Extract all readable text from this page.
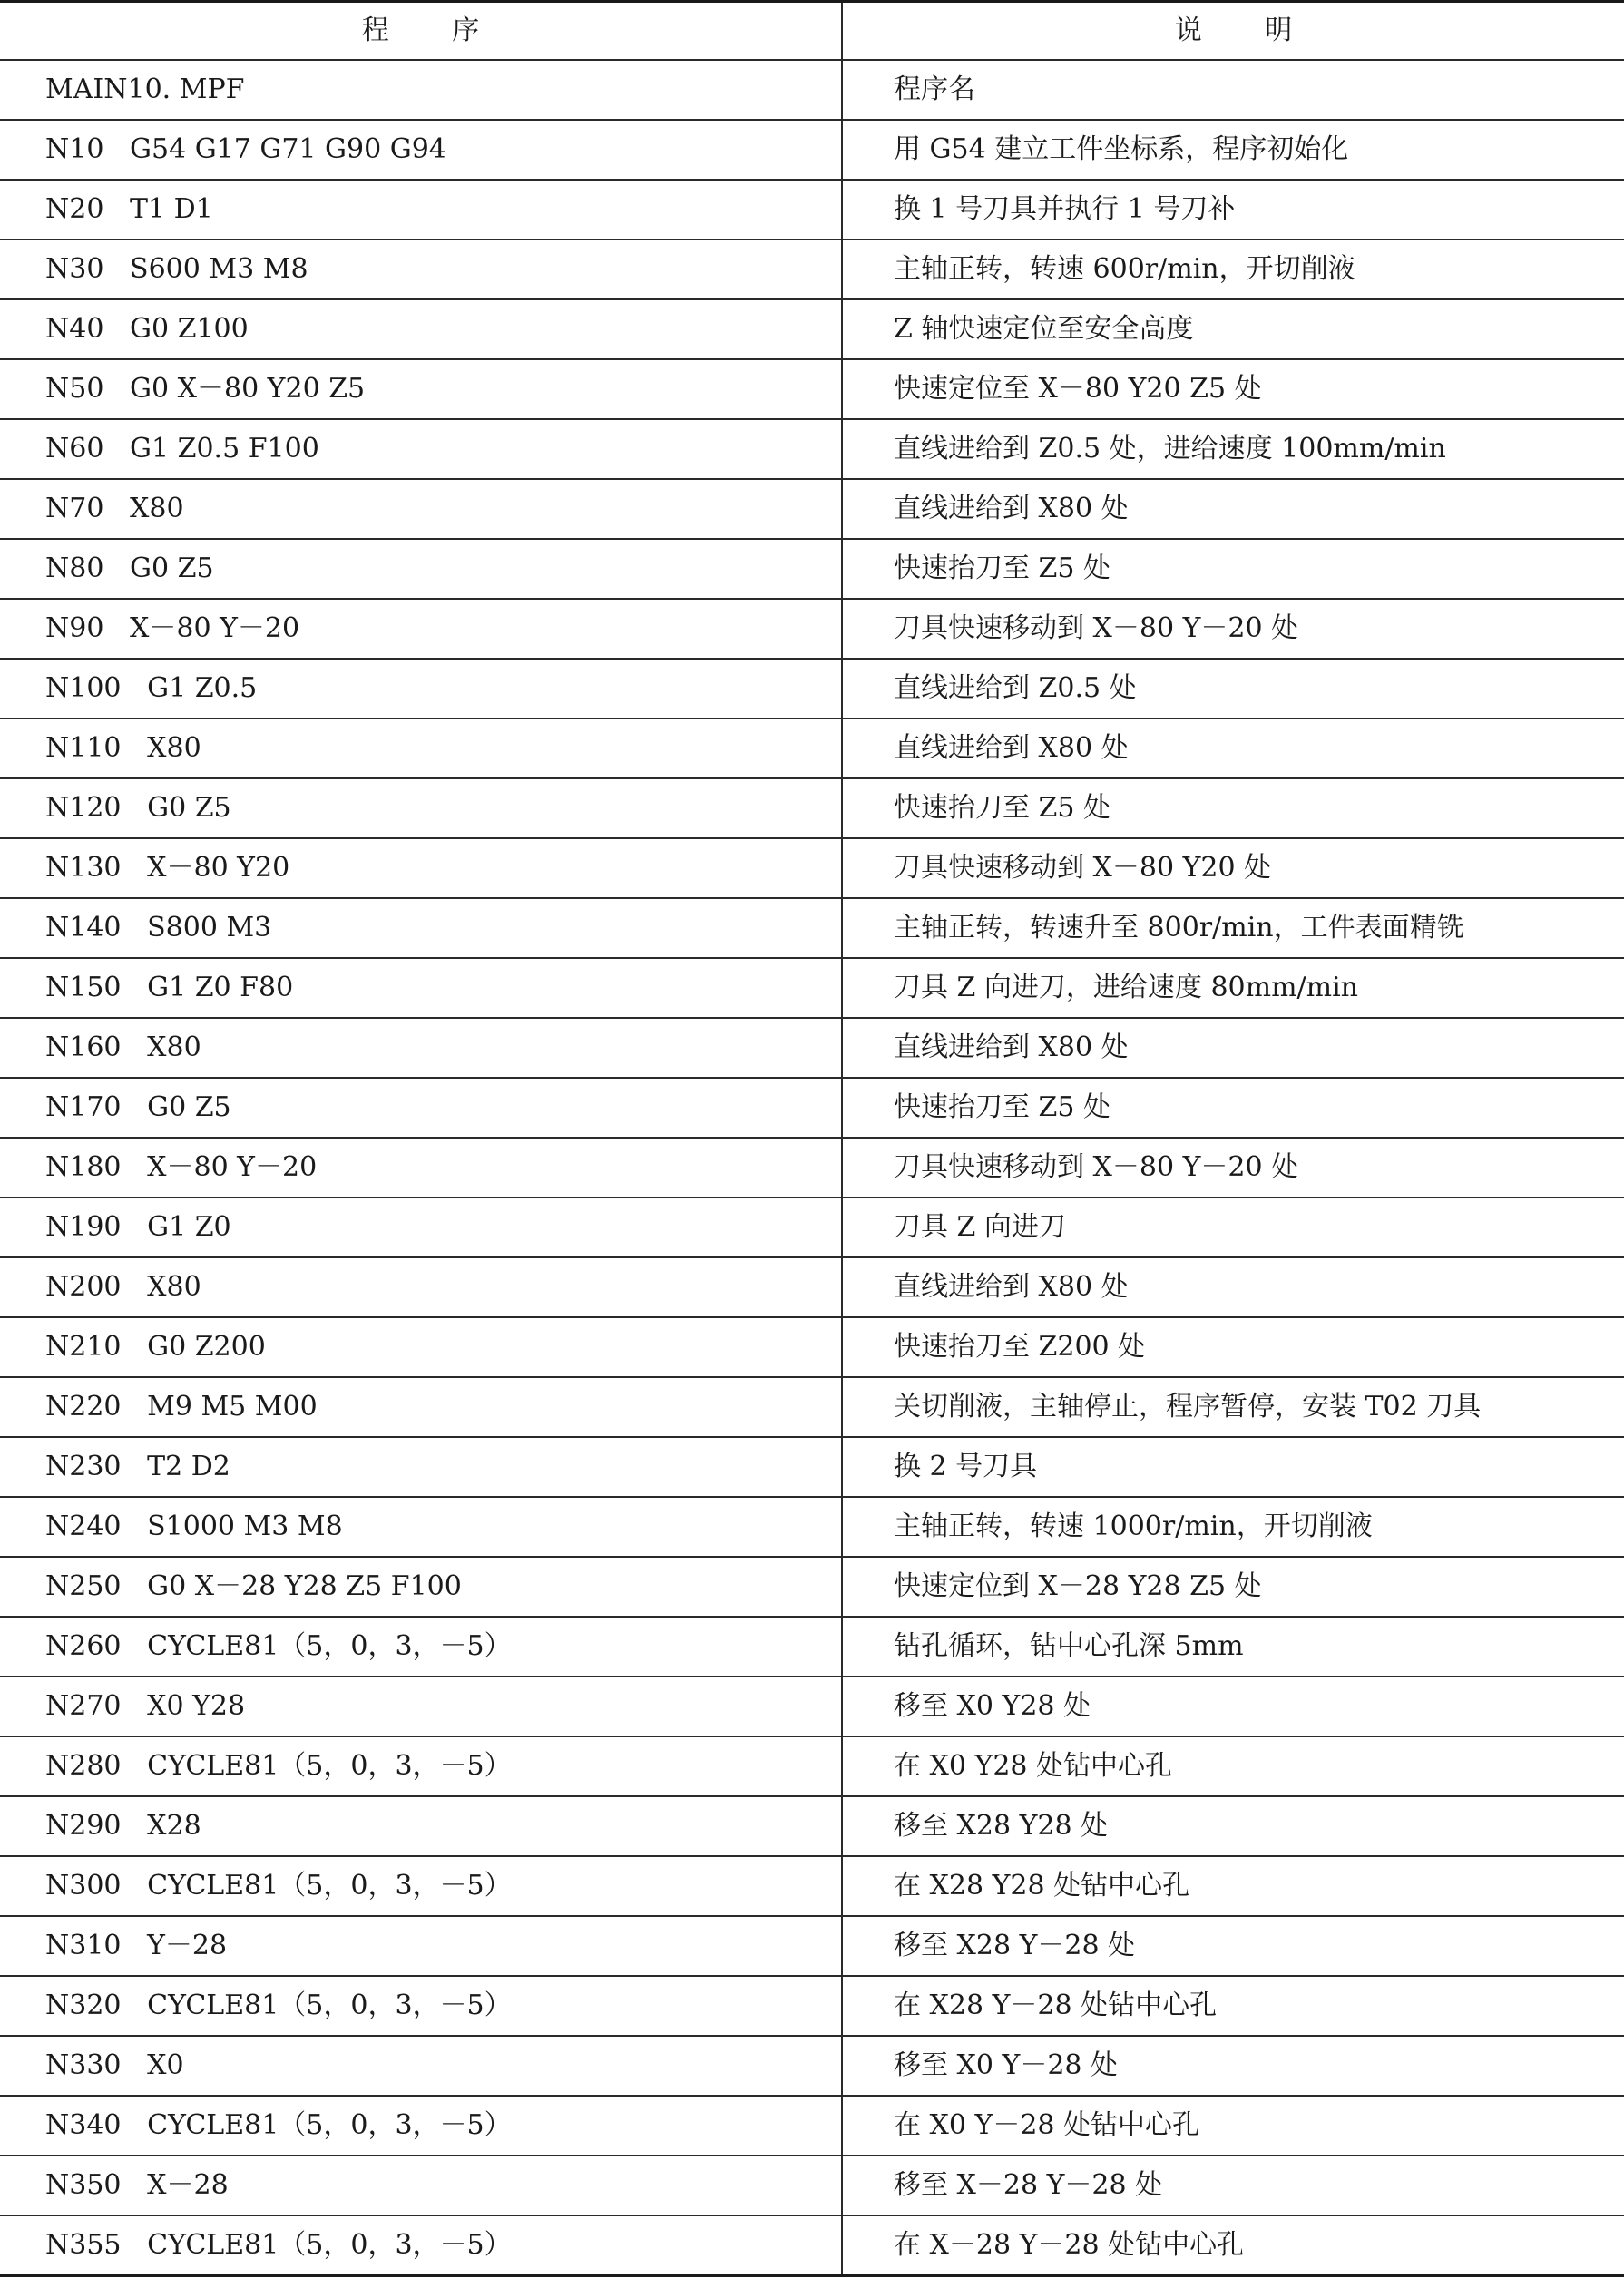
程 序	说 明
MAIN10. MPF	程序名
N10   G54 G17 G71 G90 G94	用 G54 建立工件坐标系，程序初始化
N20   T1 D1	换 1 号刀具并执行 1 号刀补
N30   S600 M3 M8	主轴正转，转速 600r/min，开切削液
N40   G0 Z100	Z 轴快速定位至安全高度
N50   G0 X－80 Y20 Z5	快速定位至 X－80 Y20 Z5 处
N60   G1 Z0.5 F100	直线进给到 Z0.5 处，进给速度 100mm/min
N70   X80	直线进给到 X80 处
N80   G0 Z5	快速抬刀至 Z5 处
N90   X－80 Y－20	刀具快速移动到 X－80 Y－20 处
N100   G1 Z0.5	直线进给到 Z0.5 处
N110   X80	直线进给到 X80 处
N120   G0 Z5	快速抬刀至 Z5 处
N130   X－80 Y20	刀具快速移动到 X－80 Y20 处
N140   S800 M3	主轴正转，转速升至 800r/min，工件表面精铣
N150   G1 Z0 F80	刀具 Z 向进刀，进给速度 80mm/min
N160   X80	直线进给到 X80 处
N170   G0 Z5	快速抬刀至 Z5 处
N180   X－80 Y－20	刀具快速移动到 X－80 Y－20 处
N190   G1 Z0	刀具 Z 向进刀
N200   X80	直线进给到 X80 处
N210   G0 Z200	快速抬刀至 Z200 处
N220   M9 M5 M00	关切削液，主轴停止，程序暂停，安装 T02 刀具
N230   T2 D2	换 2 号刀具
N240   S1000 M3 M8	主轴正转，转速 1000r/min，开切削液
N250   G0 X－28 Y28 Z5 F100	快速定位到 X－28 Y28 Z5 处
N260   CYCLE81（5，0，3，－5）	钻孔循环，钻中心孔深 5mm
N270   X0 Y28	移至 X0 Y28 处
N280   CYCLE81（5，0，3，－5）	在 X0 Y28 处钻中心孔
N290   X28	移至 X28 Y28 处
N300   CYCLE81（5，0，3，－5）	在 X28 Y28 处钻中心孔
N310   Y－28	移至 X28 Y－28 处
N320   CYCLE81（5，0，3，－5）	在 X28 Y－28 处钻中心孔
N330   X0	移至 X0 Y－28 处
N340   CYCLE81（5，0，3，－5）	在 X0 Y－28 处钻中心孔
N350   X－28	移至 X－28 Y－28 处
N355   CYCLE81（5，0，3，－5）	在 X－28 Y－28 处钻中心孔
